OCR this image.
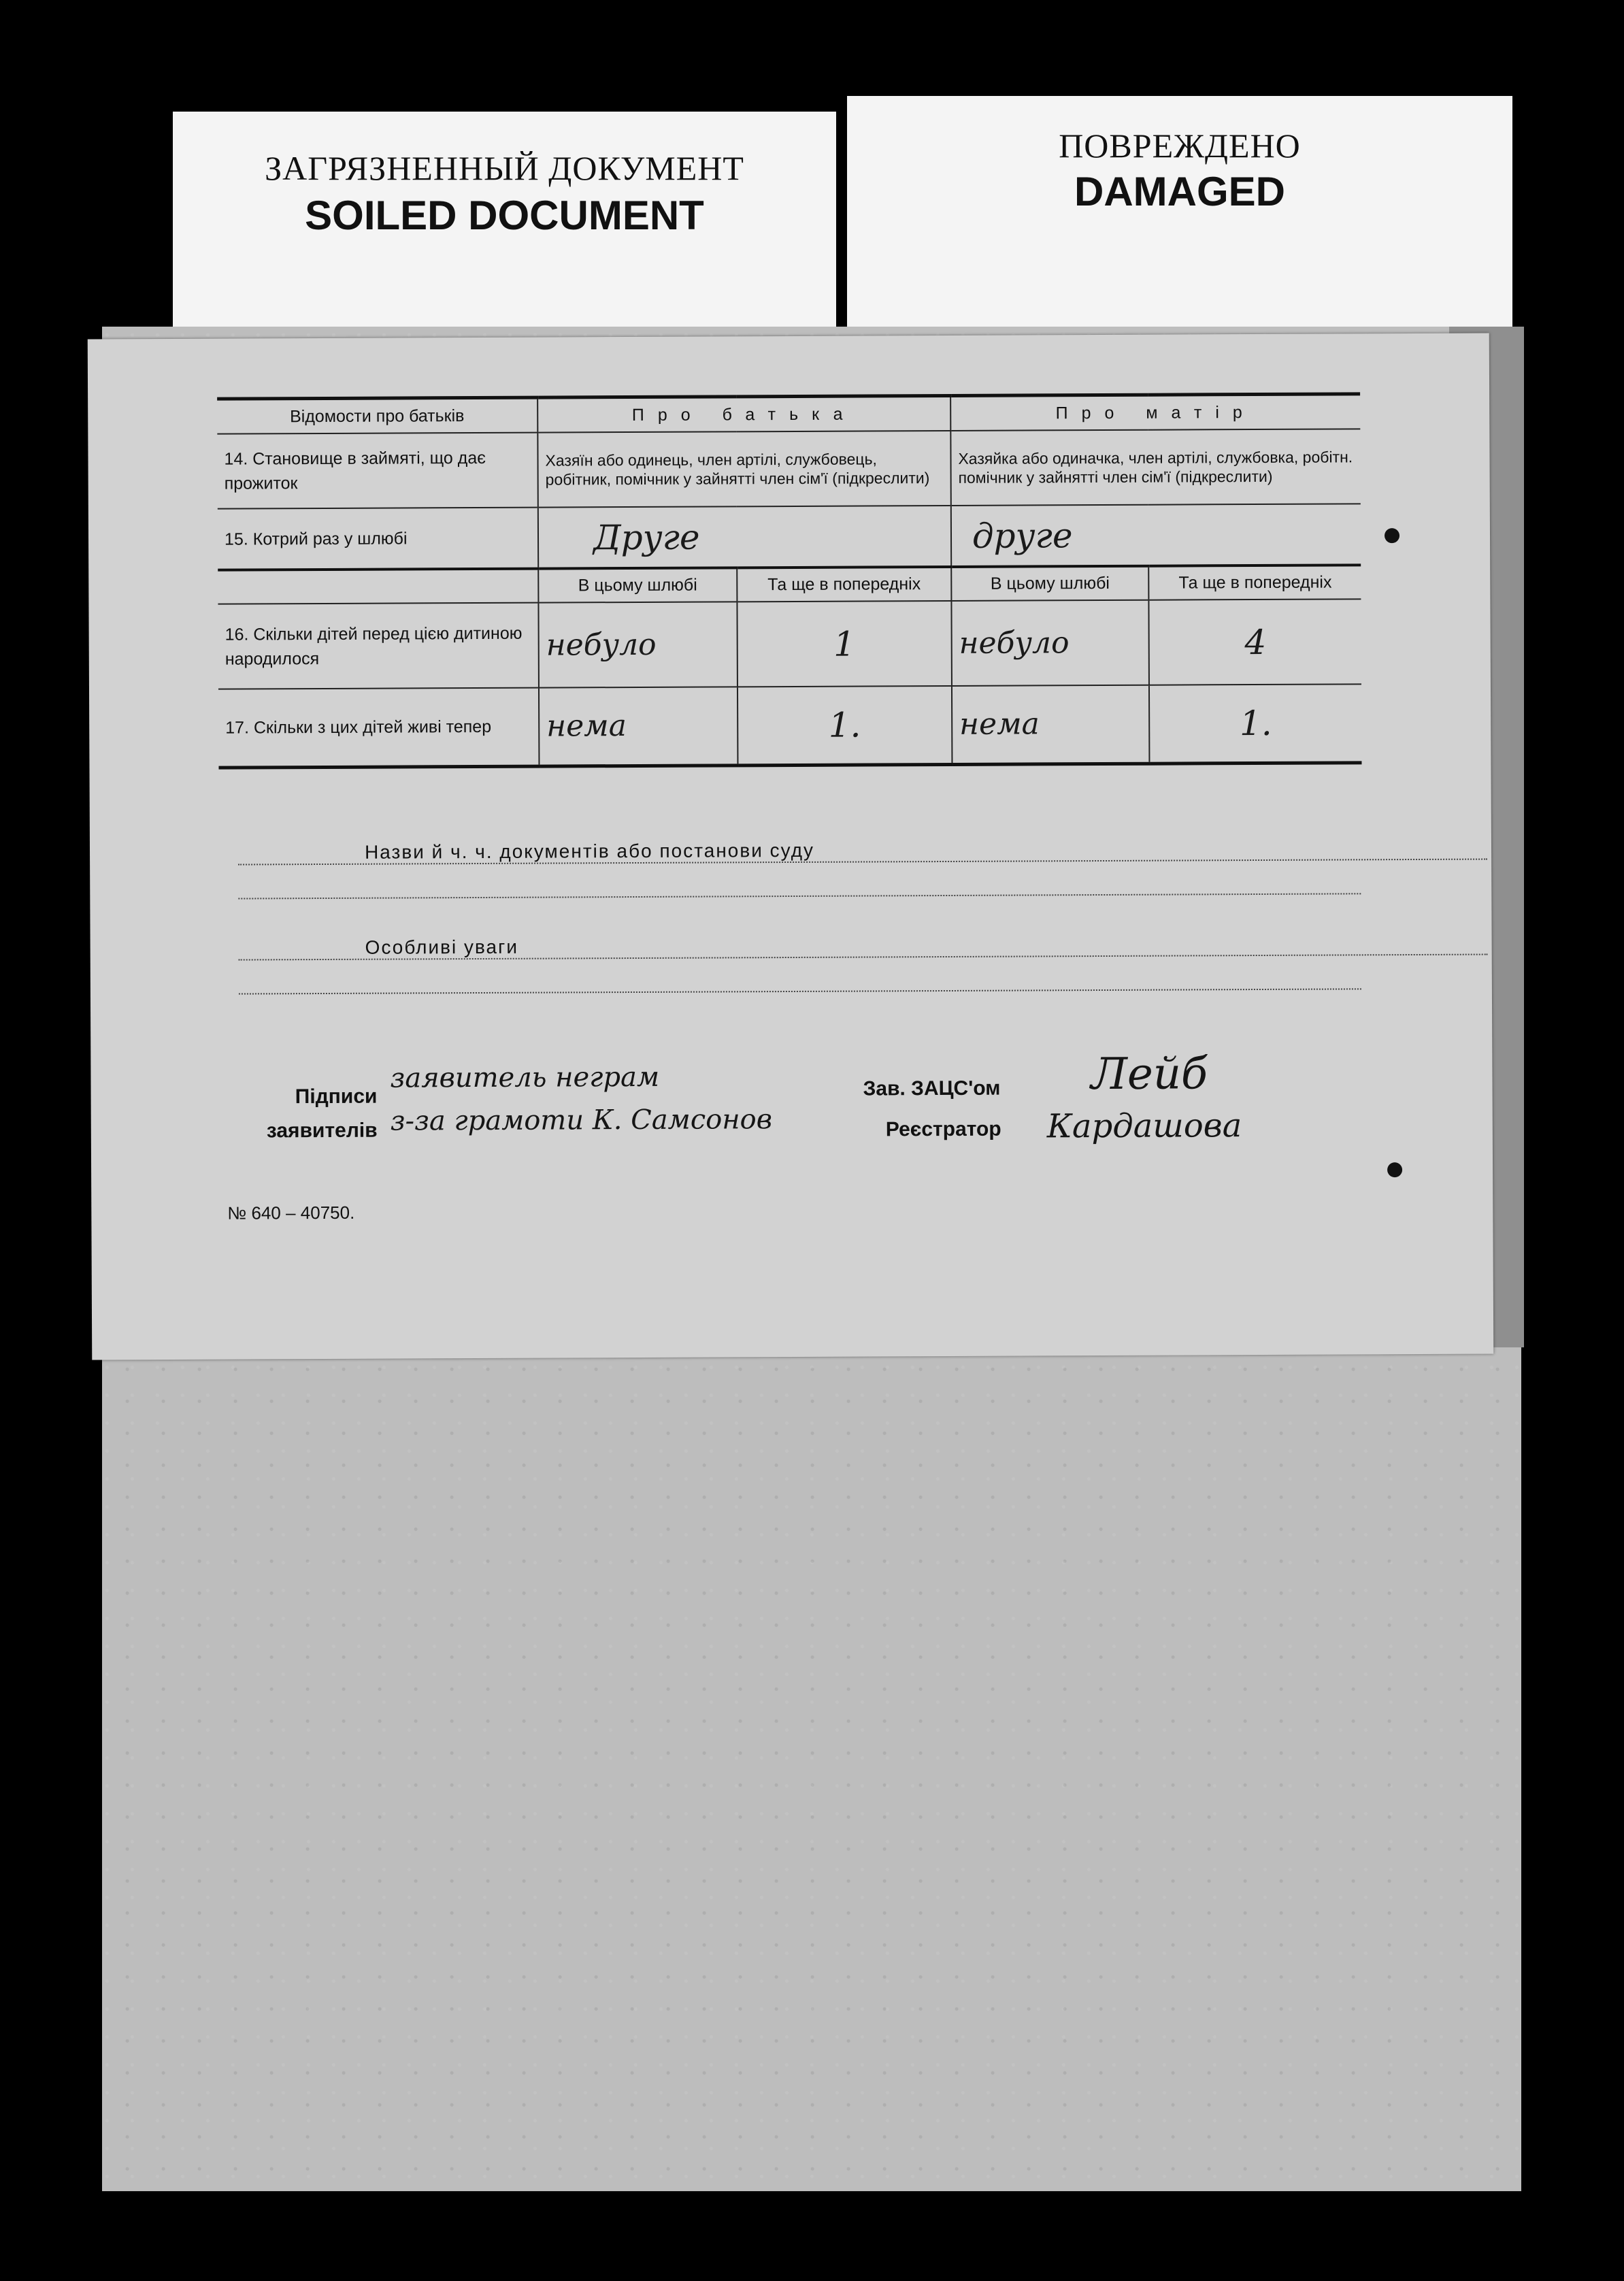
ЗАГРЯЗНЕННЫЙ ДОКУМЕНТ
SOILED DOCUMENT
ПОВРЕЖДЕНО
DAMAGED
Відомости про батьків	Про батька		Про матір	
14. Становище в займяті, що дає прожиток	Хазяїн або одинець, член артілі, службовець, робітник, помічник у зайнятті член сім'ї (підкреслити)		Хазяйка або одиначка, член артілі, службовка, робітн. помічник у зайнятті член сім'ї (підкреслити)	
15. Котрий раз у шлюбі	Друге		друге	
	В цьому шлюбі	Та ще в попередніх	В цьому шлюбі	Та ще в попередніх
16. Скільки дітей перед цією дитиною народилося	небуло	1	небуло	4
17. Скільки з цих дітей живі тепер	нема	1.	нема	1.
Назви й ч. ч. документів або постанови суду
Особливі уваги
Підписи
заявителів
заявитель неграм
з-за грамоти К. Самсонов
Зав. ЗАЦС'ом Лейб
Реєстратор Кардашова
№ 640 – 40750.
